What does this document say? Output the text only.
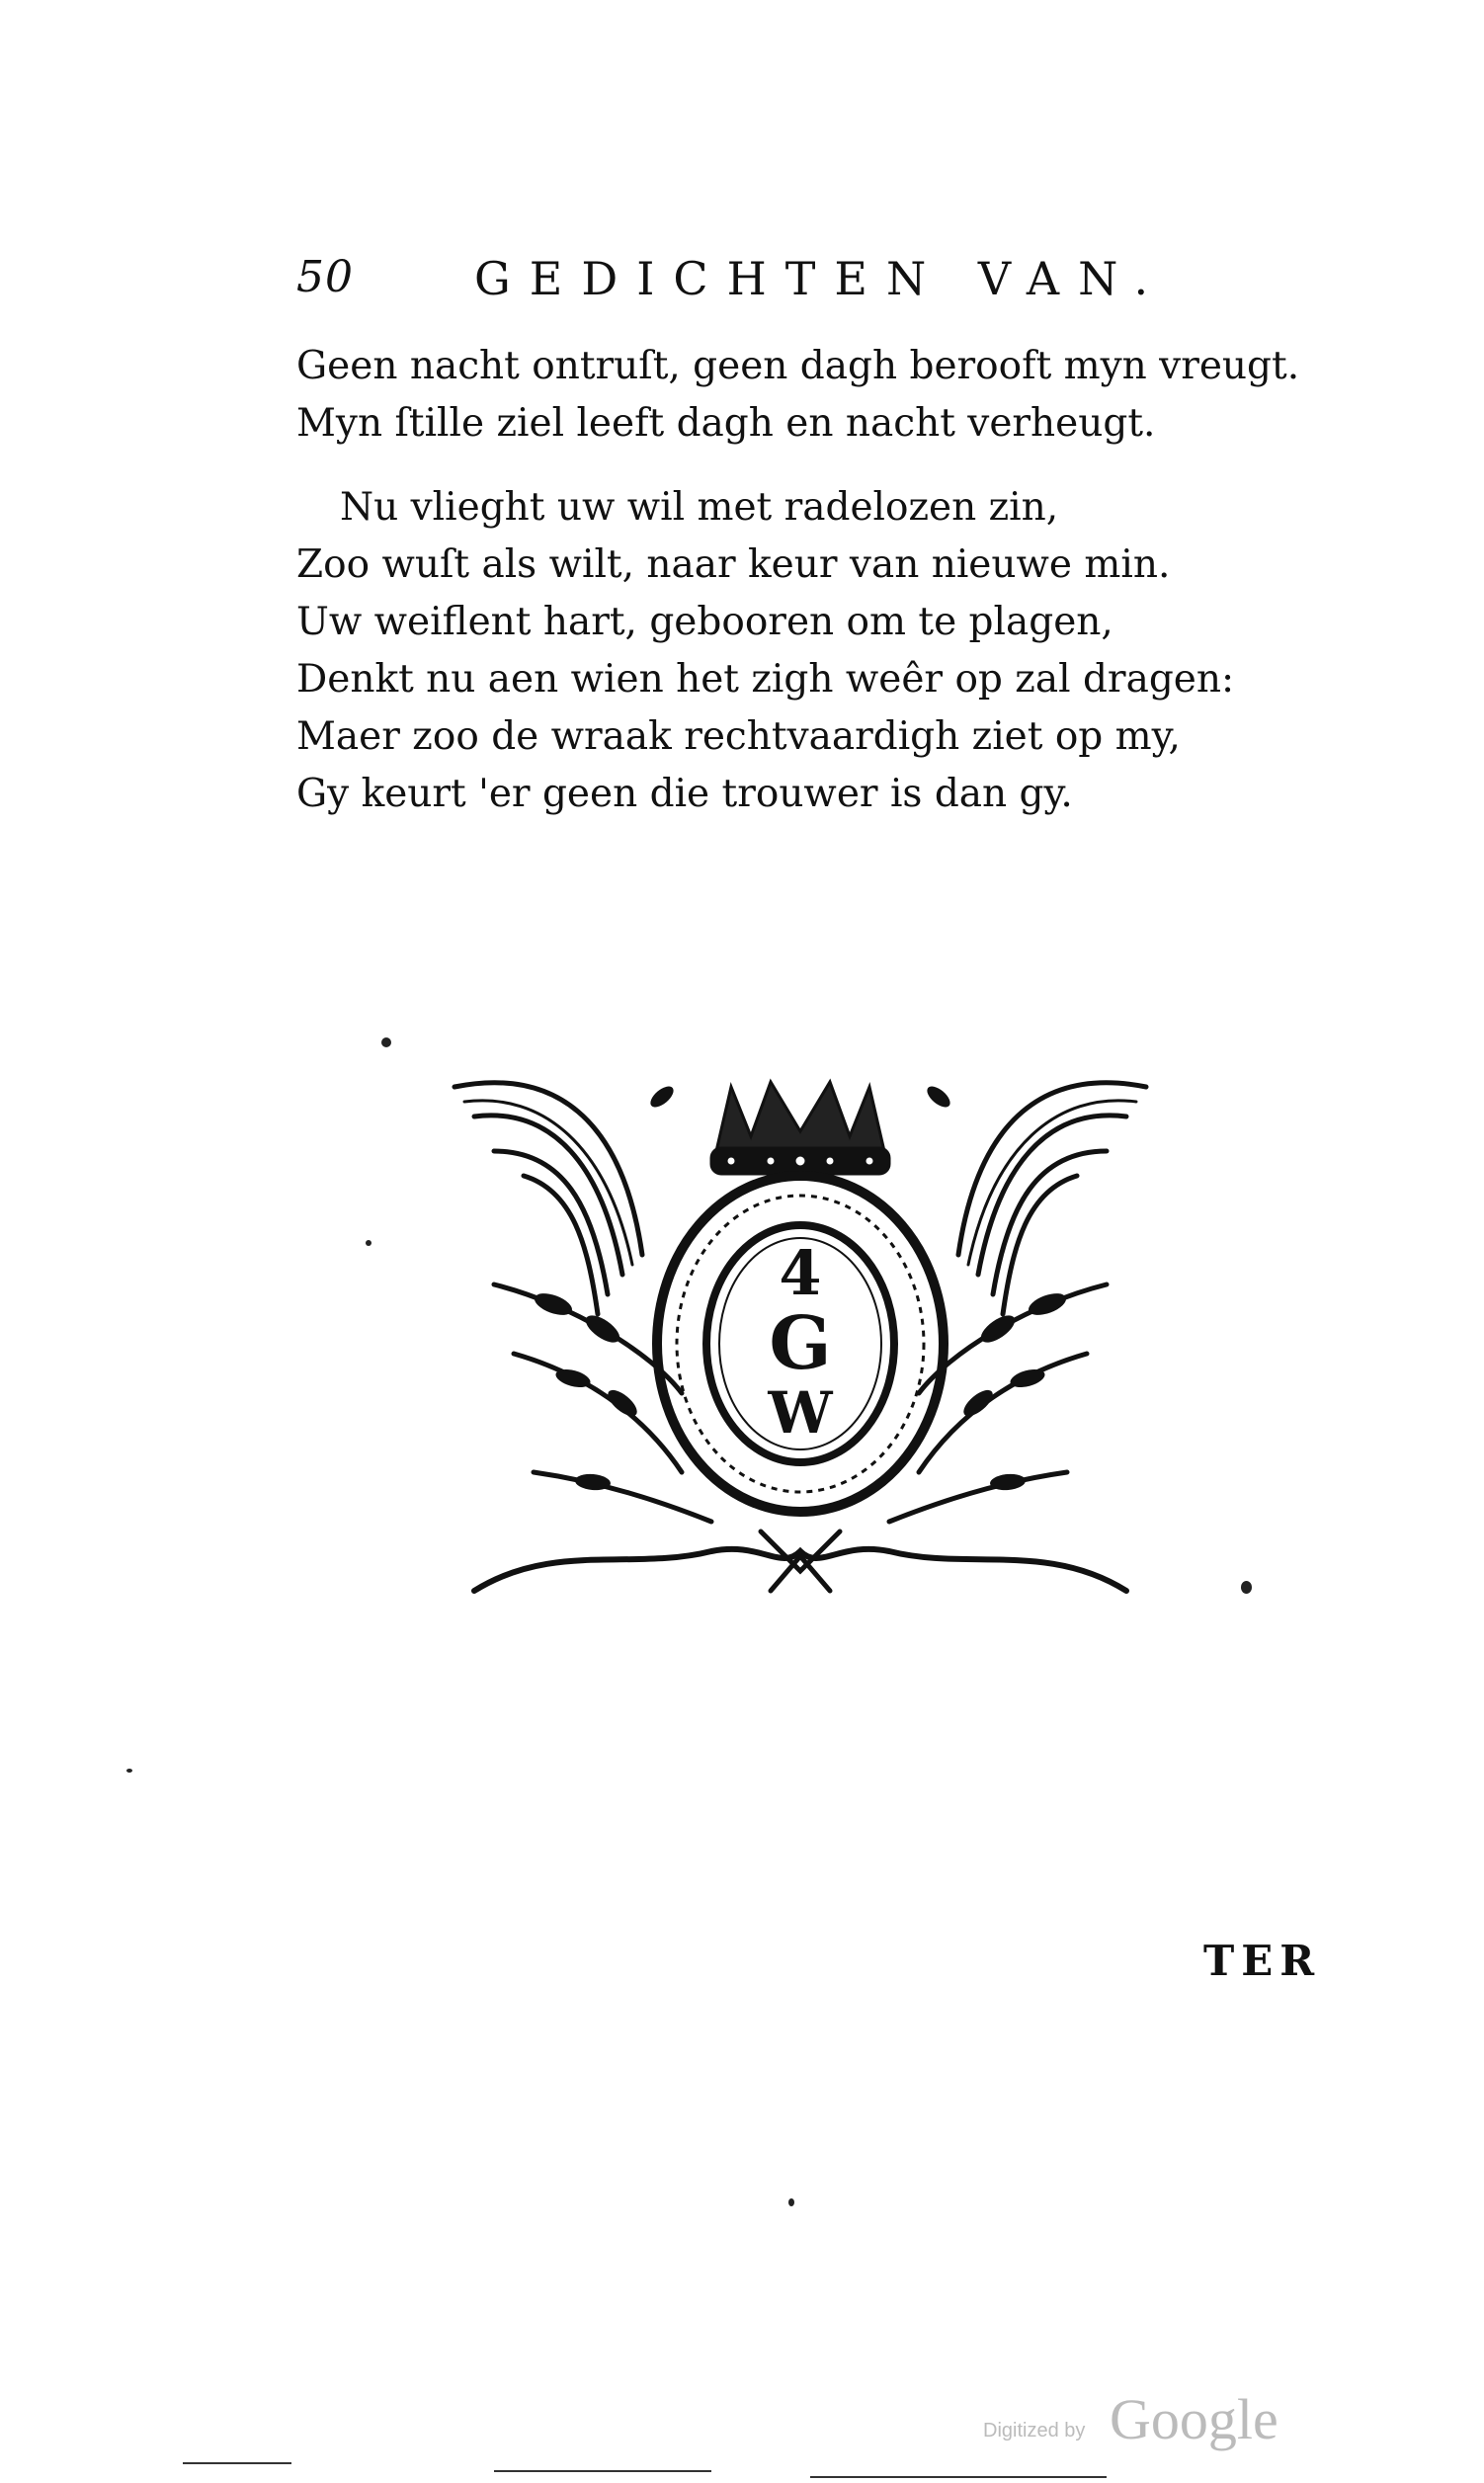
50	GEDICHTEN VAN.
Geen nacht ontruſt, geen dagh berooft myn vreugt.
Myn ſtille ziel leeft dagh en nacht verheugt.
Nu vlieght uw wil met radelozen zin,
Zoo wuſt als wilt, naar keur van nieuwe min.
Uw weiflent hart, gebooren om te plagen,
Denkt nu aen wien het zigh weêr op zal dragen:
Maer zoo de wraak rechtvaardigh ziet op my,
Gy keurt 'er geen die trouwer is dan gy.
4
G
W
TER
Digitized by Google
